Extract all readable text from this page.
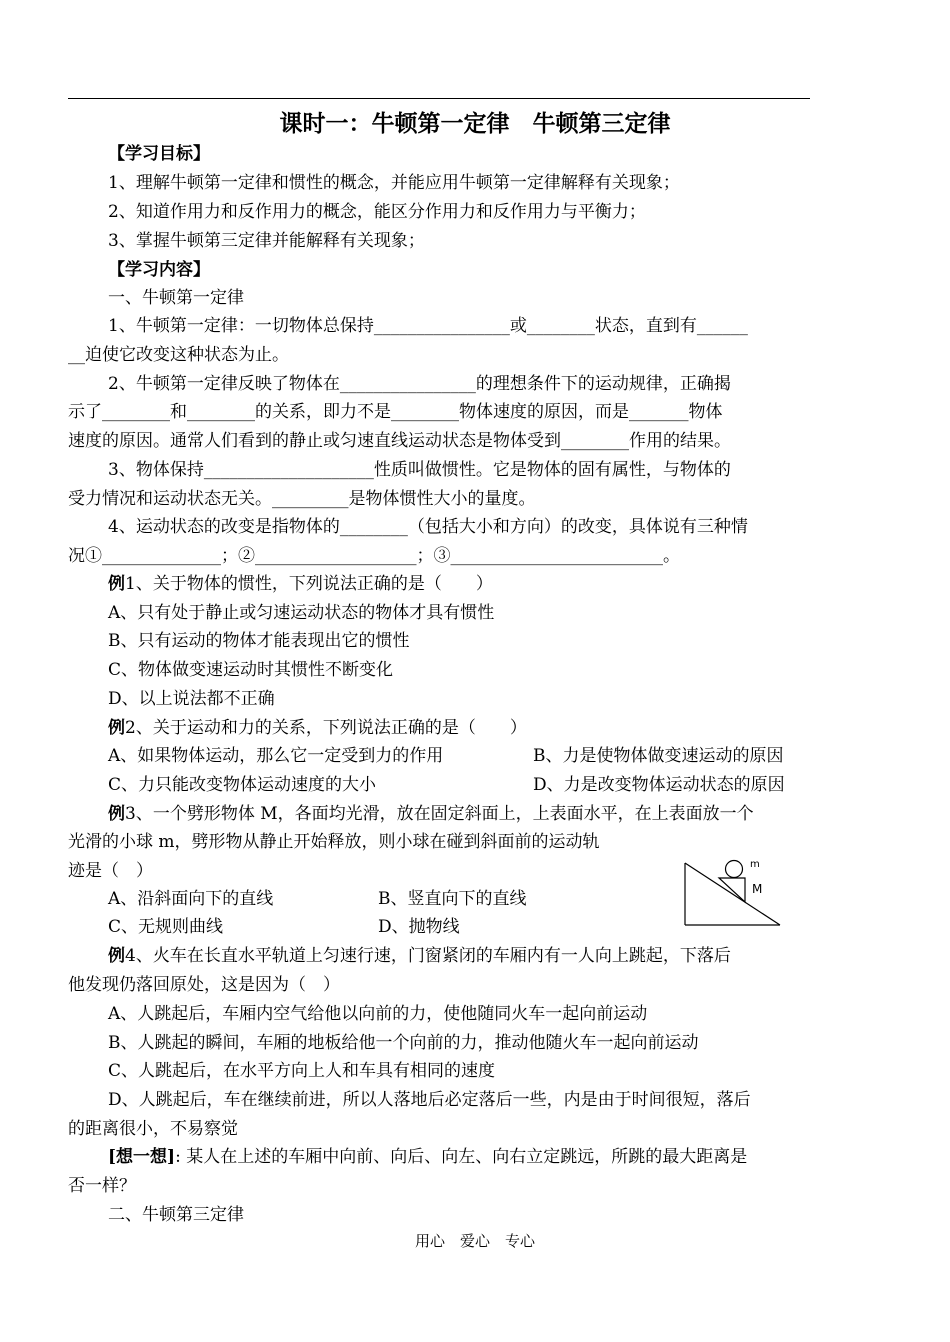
课时一：牛顿第一定律　牛顿第三定律
【学习目标】
1、理解牛顿第一定律和惯性的概念，并能应用牛顿第一定律解释有关现象；
2、知道作用力和反作用力的概念，能区分作用力和反作用力与平衡力；
3、掌握牛顿第三定律并能解释有关现象；
【学习内容】
一、牛顿第一定律
1、牛顿第一定律：一切物体总保持________________或________状态，直到有______
__迫使它改变这种状态为止。
2、牛顿第一定律反映了物体在________________的理想条件下的运动规律，正确揭
示了________和________的关系，即力不是________物体速度的原因，而是_______物体
速度的原因。通常人们看到的静止或匀速直线运动状态是物体受到________作用的结果。
3、物体保持____________________性质叫做惯性。它是物体的固有属性，与物体的
受力情况和运动状态无关。_________是物体惯性大小的量度。
4、运动状态的改变是指物体的________（包括大小和方向）的改变，具体说有三种情
况①______________；②___________________；③_________________________。
例1、关于物体的惯性，下列说法正确的是（　　）
A、只有处于静止或匀速运动状态的物体才具有惯性
B、只有运动的物体才能表现出它的惯性
C、物体做变速运动时其惯性不断变化
D、以上说法都不正确
例2、关于运动和力的关系，下列说法正确的是（　　）
A、如果物体运动，那么它一定受到力的作用	B、力是使物体做变速运动的原因
C、力只能改变物体运动速度的大小	D、力是改变物体运动状态的原因
例3、一个劈形物体 M，各面均光滑，放在固定斜面上，上表面水平，在上表面放一个
光滑的小球 m，劈形物从静止开始释放，则小球在碰到斜面前的运动轨
迹是（　）
A、沿斜面向下的直线	B、竖直向下的直线
C、无规则曲线	D、抛物线
m
M
例4、火车在长直水平轨道上匀速行速，门窗紧闭的车厢内有一人向上跳起，下落后
他发现仍落回原处，这是因为（　）
A、人跳起后，车厢内空气给他以向前的力，使他随同火车一起向前运动
B、人跳起的瞬间，车厢的地板给他一个向前的力，推动他随火车一起向前运动
C、人跳起后，在水平方向上人和车具有相同的速度
D、人跳起后，车在继续前进，所以人落地后必定落后一些，内是由于时间很短，落后
的距离很小，不易察觉
[想一想]: 某人在上述的车厢中向前、向后、向左、向右立定跳远，所跳的最大距离是
否一样？
二、牛顿第三定律
用心　爱心　专心
